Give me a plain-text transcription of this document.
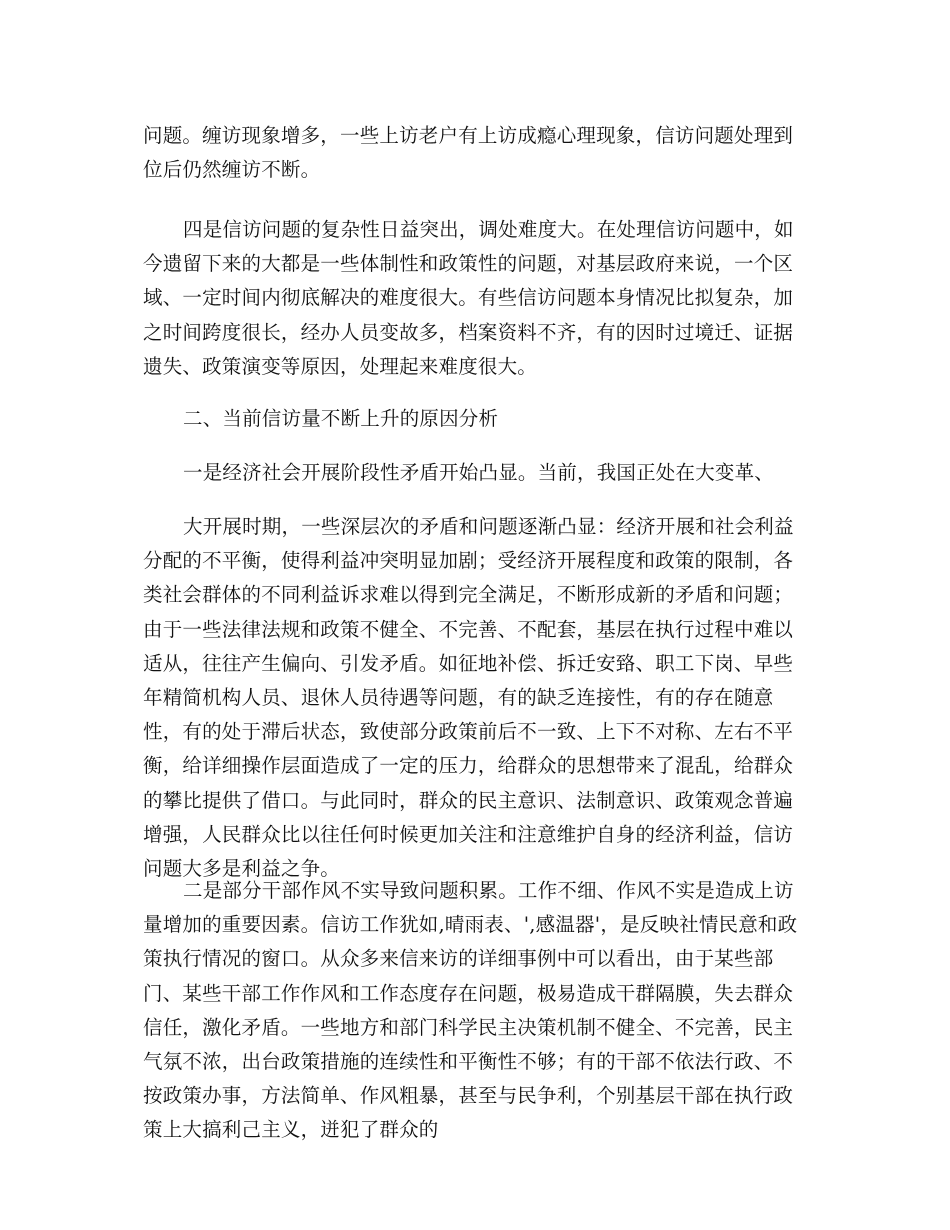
问题。缠访现象增多，一些上访老户有上访成瘾心理现象，信访问题处理到位后仍然缠访不断。

四是信访问题的复杂性日益突出，调处难度大。在处理信访问题中，如今遗留下来的大都是一些体制性和政策性的问题，对基层政府来说，一个区域、一定时间内彻底解决的难度很大。有些信访问题本身情况比拟复杂，加之时间跨度很长，经办人员变故多，档案资料不齐，有的因时过境迁、证据遗失、政策演变等原因，处理起来难度很大。

二、当前信访量不断上升的原因分析

一是经济社会开展阶段性矛盾开始凸显。当前，我国正处在大变革、

大开展时期，一些深层次的矛盾和问题逐渐凸显：经济开展和社会利益分配的不平衡，使得利益冲突明显加剧；受经济开展程度和政策的限制，各类社会群体的不同利益诉求难以得到完全满足，不断形成新的矛盾和问题；由于一些法律法规和政策不健全、不完善、不配套，基层在执行过程中难以适从，往往产生偏向、引发矛盾。如征地补偿、拆迁安臵、职工下岗、早些年精简机构人员、退休人员待遇等问题，有的缺乏连接性，有的存在随意性，有的处于滞后状态，致使部分政策前后不一致、上下不对称、左右不平衡，给详细操作层面造成了一定的压力，给群众的思想带来了混乱，给群众的攀比提供了借口。与此同时，群众的民主意识、法制意识、政策观念普遍增强，人民群众比以往任何时候更加关注和注意维护自身的经济利益，信访问题大多是利益之争。

二是部分干部作风不实导致问题积累。工作不细、作风不实是造成上访量增加的重要因素。信访工作犹如,晴雨表、',感温器'，是反映社情民意和政策执行情况的窗口。从众多来信来访的详细事例中可以看出，由于某些部门、某些干部工作作风和工作态度存在问题，极易造成干群隔膜，失去群众信任，激化矛盾。一些地方和部门科学民主决策机制不健全、不完善，民主气氛不浓，出台政策措施的连续性和平衡性不够；有的干部不依法行政、不按政策办事，方法简单、作风粗暴，甚至与民争利，个别基层干部在执行政策上大搞利己主义，迸犯了群众的
